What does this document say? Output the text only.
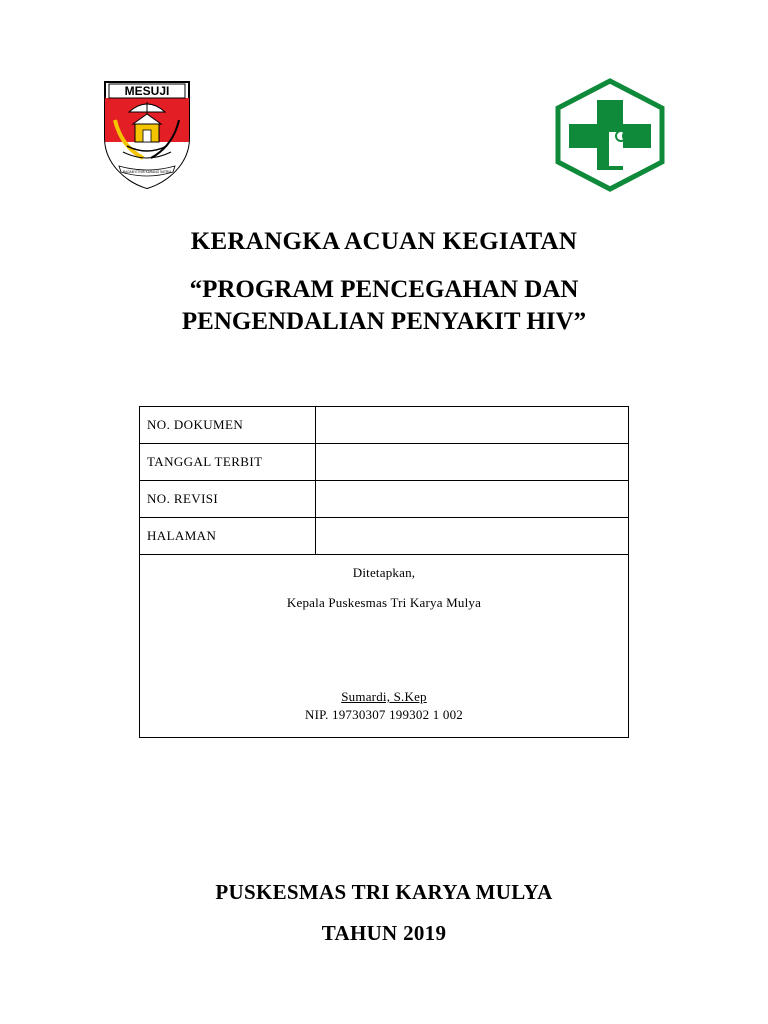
MESUJI
RAGAM ETNIS KARANG SATRIA
KERANGKA ACUAN KEGIATAN
“PROGRAM PENCEGAHAN DAN
PENGENDALIAN PENYAKIT HIV”
NO. DOKUMEN	
TANGGAL TERBIT	
NO. REVISI	
HALAMAN	

Ditetapkan,
Kepala Puskesmas Tri Karya Mulya
Sumardi, S.Kep
NIP. 19730307 199302 1 002	
PUSKESMAS TRI KARYA MULYA
TAHUN 2019
